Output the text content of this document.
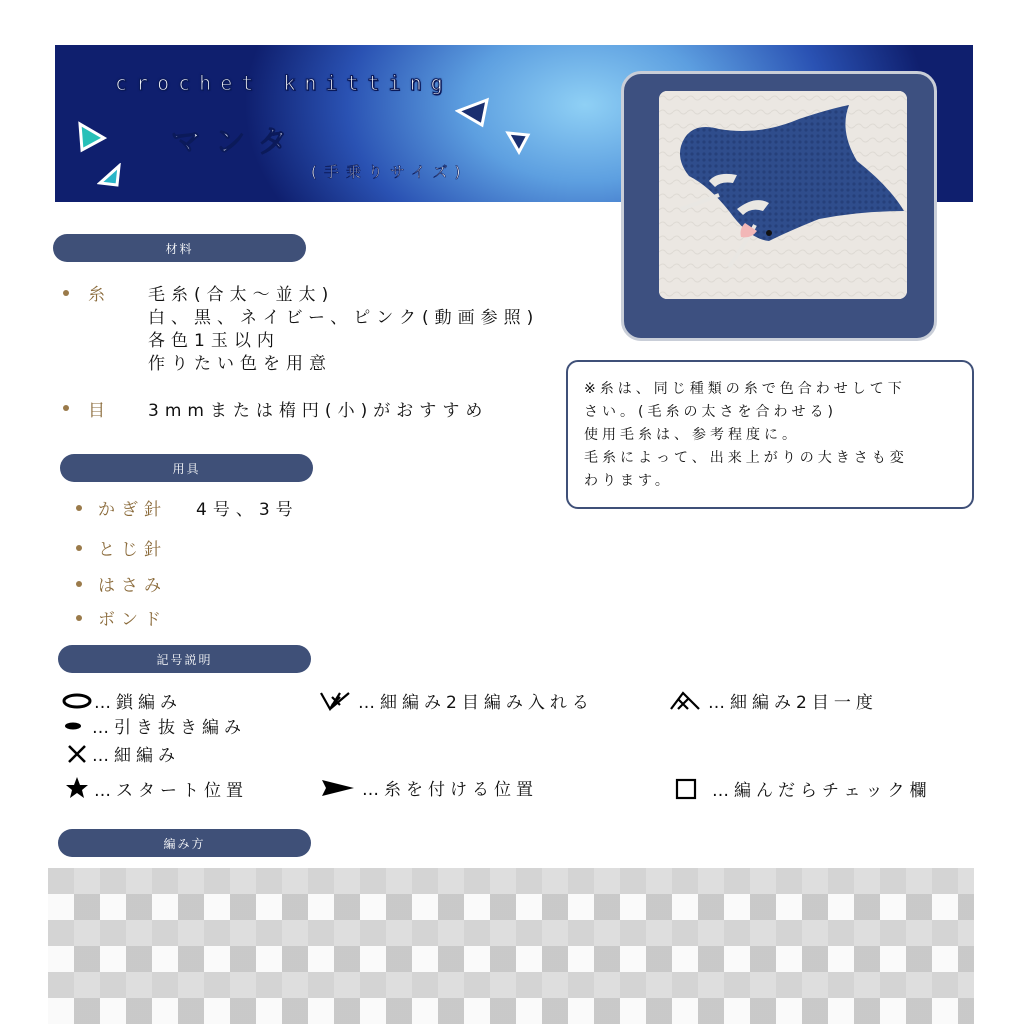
crochet knitting
マンタ
(手乗りサイズ)
材料
糸 毛糸(合太～並太)
白、黒、ネイビー、ピンク(動画参照)
各色1玉以内
作りたい色を用意
目 3mmまたは楕円(小)がおすすめ
※糸は、同じ種類の糸で色合わせして下
さい。(毛糸の太さを合わせる)
使用毛糸は、参考程度に。
毛糸によって、出来上がりの大きさも変
わります。
用具
かぎ針 4号、3号
とじ針
はさみ
ボンド
記号説明
…鎖編み
…引き抜き編み
…細編み
…スタート位置
…細編み2目編み入れる
…糸を付ける位置
…細編み2目一度
…編んだらチェック欄
編み方
